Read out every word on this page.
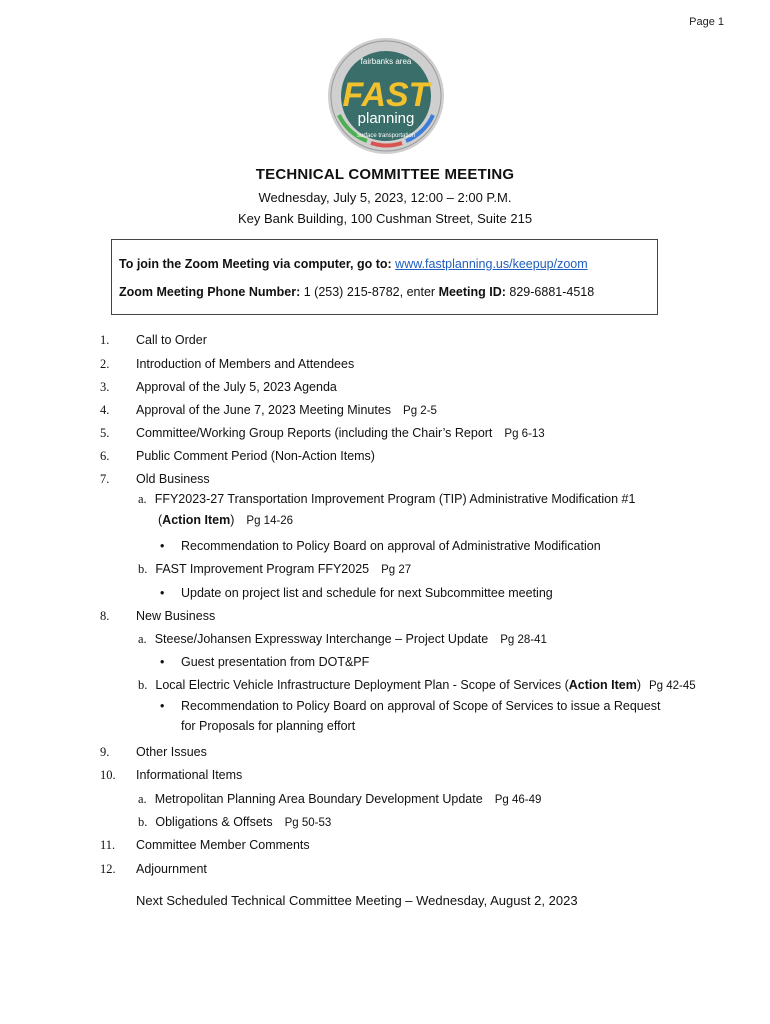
Page 1
fairbanks area
FAST
planning
surface transportation
TECHNICAL COMMITTEE MEETING
Wednesday, July 5, 2023, 12:00 – 2:00 P.M.
Key Bank Building, 100 Cushman Street, Suite 215
To join the Zoom Meeting via computer, go to: www.fastplanning.us/keepup/zoom
Zoom Meeting Phone Number: 1 (253) 215-8782, enter Meeting ID: 829-6881-4518
1. Call to Order
2. Introduction of Members and Attendees
3. Approval of the July 5, 2023 Agenda
4. Approval of the June 7, 2023 Meeting Minutes Pg 2-5
5. Committee/Working Group Reports (including the Chair’s Report Pg 6-13
6. Public Comment Period (Non-Action Items)
7. Old Business
a. FFY2023-27 Transportation Improvement Program (TIP) Administrative Modification #1
(Action Item) Pg 14-26
• Recommendation to Policy Board on approval of Administrative Modification
b. FAST Improvement Program FFY2025 Pg 27
• Update on project list and schedule for next Subcommittee meeting
8. New Business
a. Steese/Johansen Expressway Interchange – Project Update Pg 28-41
• Guest presentation from DOT&PF
b. Local Electric Vehicle Infrastructure Deployment Plan - Scope of Services (Action Item) Pg 42-45
• Recommendation to Policy Board on approval of Scope of Services to issue a Request
for Proposals for planning effort
9. Other Issues
10. Informational Items
a. Metropolitan Planning Area Boundary Development Update Pg 46-49
b. Obligations & Offsets Pg 50-53
11. Committee Member Comments
12. Adjournment
Next Scheduled Technical Committee Meeting – Wednesday, August 2, 2023
